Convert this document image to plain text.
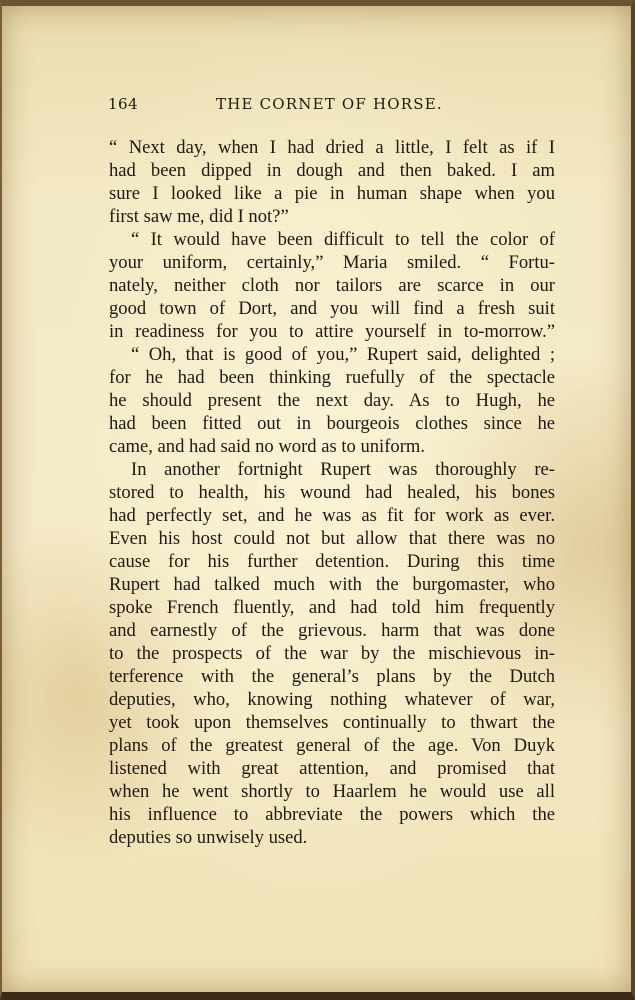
164	THE CORNET OF HORSE.
“ Next day, when I had dried a little, I felt as if I
had been dipped in dough and then baked. I am
sure I looked like a pie in human shape when you
first saw me, did I not?”
“ It would have been difficult to tell the color of
your uniform, certainly,” Maria smiled. “ Fortu-
nately, neither cloth nor tailors are scarce in our
good town of Dort, and you will find a fresh suit
in readiness for you to attire yourself in to-morrow.”
“ Oh, that is good of you,” Rupert said, delighted ;
for he had been thinking ruefully of the spectacle
he should present the next day. As to Hugh, he
had been fitted out in bourgeois clothes since he
came, and had said no word as to uniform.
In another fortnight Rupert was thoroughly re-
stored to health, his wound had healed, his bones
had perfectly set, and he was as fit for work as ever.
Even his host could not but allow that there was no
cause for his further detention. During this time
Rupert had talked much with the burgomaster, who
spoke French fluently, and had told him frequently
and earnestly of the grievous. harm that was done
to the prospects of the war by the mischievous in-
terference with the general’s plans by the Dutch
deputies, who, knowing nothing whatever of war,
yet took upon themselves continually to thwart the
plans of the greatest general of the age. Von Duyk
listened with great attention, and promised that
when he went shortly to Haarlem he would use all
his influence to abbreviate the powers which the
deputies so unwisely used.
